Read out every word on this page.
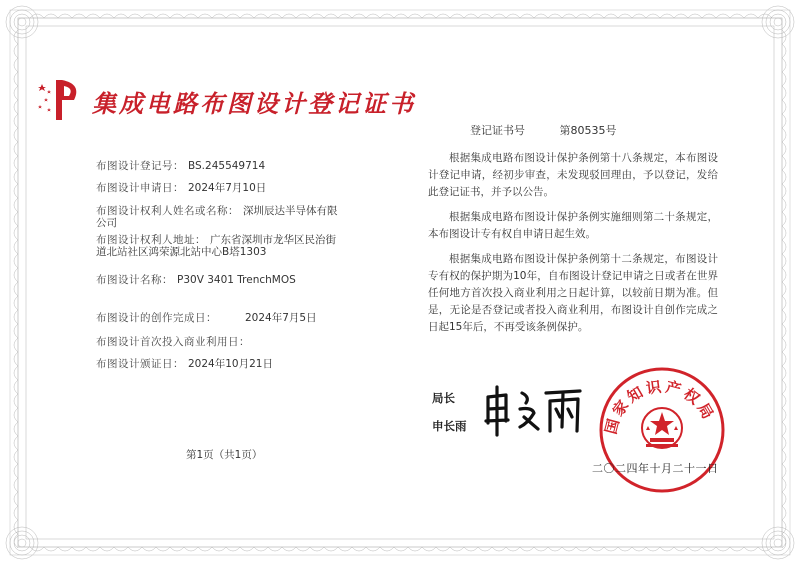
集成电路布图设计登记证书
登记证书号	第80535号
布图设计登记号： BS.245549714
布图设计申请日： 2024年7月10日
布图设计权利人姓名或名称： 深圳辰达半导体有限
公司
布图设计权利人地址： 广东省深圳市龙华区民治街
道北站社区鸿荣源北站中心B塔1303
布图设计名称： P30V 3401 TrenchMOS
布图设计的创作完成日：	2024年7月5日
布图设计首次投入商业利用日：
布图设计颁证日： 2024年10月21日

根据集成电路布图设计保护条例第十八条规定，本布图设计登记申请，经初步审查，未发现驳回理由，予以登记，发给此登记证书，并予以公告。

根据集成电路布图设计保护条例实施细则第二十条规定，本布图设计专有权自申请日起生效。

根据集成电路布图设计保护条例第十二条规定，布图设计专有权的保护期为10年，自布图设计登记申请之日或者在世界任何地方首次投入商业利用之日起计算，以较前日期为准。但是，无论是否登记或者投入商业利用，布图设计自创作完成之日起15年后，不再受该条例保护。

第1页（共1页）
局长
申长雨	国家知识产权局
二〇二四年十月二十一日
